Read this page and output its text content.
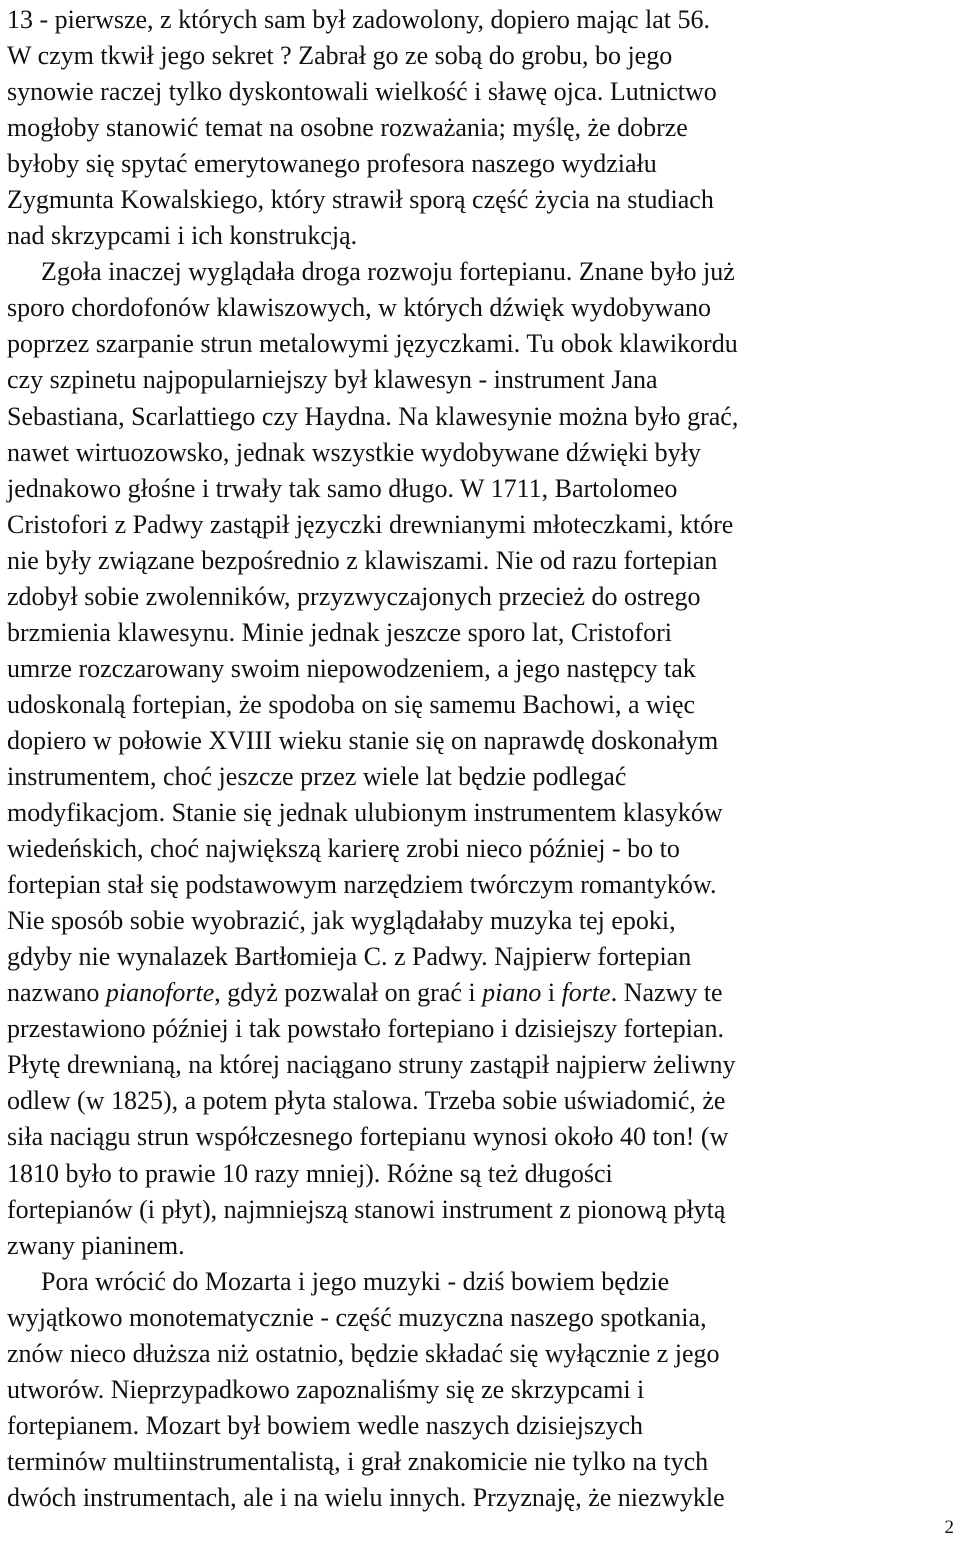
13 - pierwsze, z których sam był zadowolony, dopiero mając lat 56.
W czym tkwił jego sekret ? Zabrał go ze sobą do grobu, bo jego
synowie raczej tylko dyskontowali wielkość i sławę ojca. Lutnictwo
mogłoby stanowić temat na osobne rozważania; myślę, że dobrze
byłoby się spytać emerytowanego profesora naszego wydziału
Zygmunta Kowalskiego, który strawił sporą część życia na studiach
nad skrzypcami i ich konstrukcją.
Zgoła inaczej wyglądała droga rozwoju fortepianu. Znane było już
sporo chordofonów klawiszowych, w których dźwięk wydobywano
poprzez szarpanie strun metalowymi języczkami. Tu obok klawikordu
czy szpinetu najpopularniejszy był klawesyn - instrument Jana
Sebastiana, Scarlattiego czy Haydna. Na klawesynie można było grać,
nawet wirtuozowsko, jednak wszystkie wydobywane dźwięki były
jednakowo głośne i trwały tak samo długo. W 1711, Bartolomeo
Cristofori z Padwy zastąpił języczki drewnianymi młoteczkami, które
nie były związane bezpośrednio z klawiszami. Nie od razu fortepian
zdobył sobie zwolenników, przyzwyczajonych przecież do ostrego
brzmienia klawesynu. Minie jednak jeszcze sporo lat, Cristofori
umrze rozczarowany swoim niepowodzeniem, a jego następcy tak
udoskonalą fortepian, że spodoba on się samemu Bachowi, a więc
dopiero w połowie XVIII wieku stanie się on naprawdę doskonałym
instrumentem, choć jeszcze przez wiele lat będzie podlegać
modyfikacjom. Stanie się jednak ulubionym instrumentem klasyków
wiedeńskich, choć największą karierę zrobi nieco później - bo to
fortepian stał się podstawowym narzędziem twórczym romantyków.
Nie sposób sobie wyobrazić, jak wyglądałaby muzyka tej epoki,
gdyby nie wynalazek Bartłomieja C. z Padwy. Najpierw fortepian
nazwano pianoforte, gdyż pozwalał on grać i piano i forte. Nazwy te
przestawiono później i tak powstało fortepiano i dzisiejszy fortepian.
Płytę drewnianą, na której naciągano struny zastąpił najpierw żeliwny
odlew (w 1825), a potem płyta stalowa. Trzeba sobie uświadomić, że
siła naciągu strun współczesnego fortepianu wynosi około 40 ton! (w
1810 było to prawie 10 razy mniej). Różne są też długości
fortepianów (i płyt), najmniejszą stanowi instrument z pionową płytą
zwany pianinem.
Pora wrócić do Mozarta i jego muzyki - dziś bowiem będzie
wyjątkowo monotematycznie - część muzyczna naszego spotkania,
znów nieco dłuższa niż ostatnio, będzie składać się wyłącznie z jego
utworów. Nieprzypadkowo zapoznaliśmy się ze skrzypcami i
fortepianem. Mozart był bowiem wedle naszych dzisiejszych
terminów multiinstrumentalistą, i grał znakomicie nie tylko na tych
dwóch instrumentach, ale i na wielu innych. Przyznaję, że niezwykle
2
